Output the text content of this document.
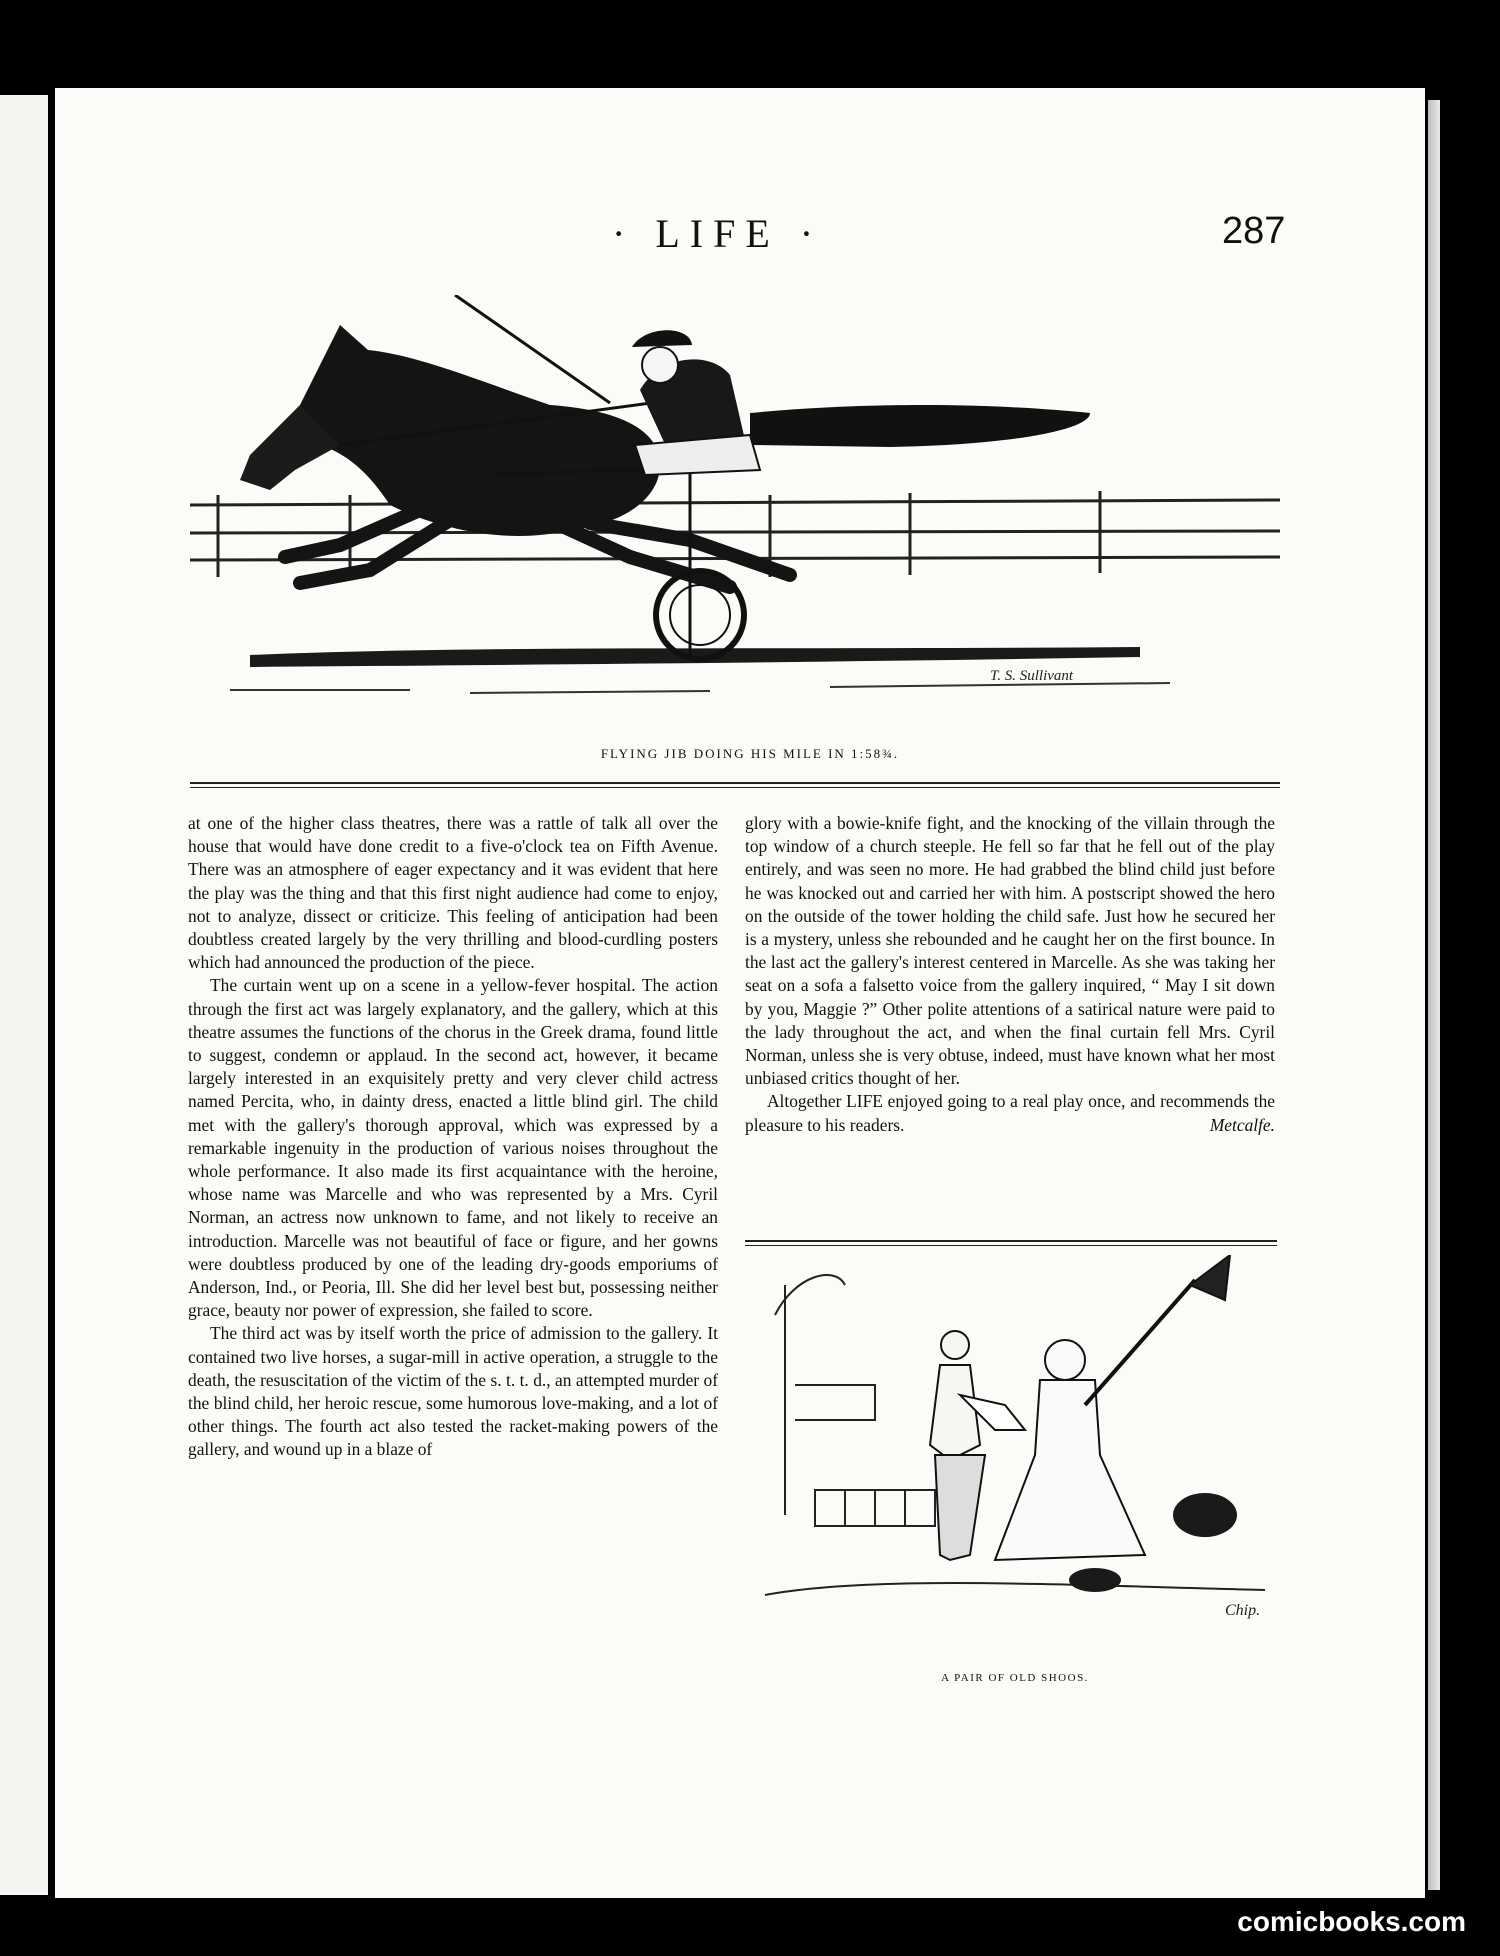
· LIFE ·	287
T. S. Sullivant
FLYING JIB DOING HIS MILE IN 1:58¾.

at one of the higher class theatres, there was a rattle of talk all over the house that would have done credit to a five-o'clock tea on Fifth Avenue. There was an atmosphere of eager expectancy and it was evident that here the play was the thing and that this first night audience had come to enjoy, not to analyze, dissect or criticize. This feeling of anticipation had been doubtless created largely by the very thrilling and blood-curdling posters which had announced the production of the piece.

The curtain went up on a scene in a yellow-fever hospital. The action through the first act was largely explanatory, and the gallery, which at this theatre assumes the functions of the chorus in the Greek drama, found little to suggest, condemn or applaud. In the second act, however, it became largely interested in an exquisitely pretty and very clever child actress named Percita, who, in dainty dress, enacted a little blind girl. The child met with the gallery's thorough approval, which was expressed by a remarkable ingenuity in the production of various noises throughout the whole performance. It also made its first acquaintance with the heroine, whose name was Marcelle and who was represented by a Mrs. Cyril Norman, an actress now unknown to fame, and not likely to receive an introduction. Marcelle was not beautiful of face or figure, and her gowns were doubtless produced by one of the leading dry-goods emporiums of Anderson, Ind., or Peoria, Ill. She did her level best but, possessing neither grace, beauty nor power of expression, she failed to score.

The third act was by itself worth the price of admission to the gallery. It contained two live horses, a sugar-mill in active operation, a struggle to the death, the resuscitation of the victim of the s. t. t. d., an attempted murder of the blind child, her heroic rescue, some humorous love-making, and a lot of other things. The fourth act also tested the racket-making powers of the gallery, and wound up in a blaze of

glory with a bowie-knife fight, and the knocking of the villain through the top window of a church steeple. He fell so far that he fell out of the play entirely, and was seen no more. He had grabbed the blind child just before he was knocked out and carried her with him. A postscript showed the hero on the outside of the tower holding the child safe. Just how he secured her is a mystery, unless she rebounded and he caught her on the first bounce. In the last act the gallery's interest centered in Marcelle. As she was taking her seat on a sofa a falsetto voice from the gallery inquired, “ May I sit down by you, Maggie ?” Other polite attentions of a satirical nature were paid to the lady throughout the act, and when the final curtain fell Mrs. Cyril Norman, unless she is very obtuse, indeed, must have known what her most unbiased critics thought of her.

Altogether LIFE enjoyed going to a real play once, and recommends the pleasure to his readers.	Metcalfe.

Chip.
A PAIR OF OLD SHOOS.
comicbooks.com
